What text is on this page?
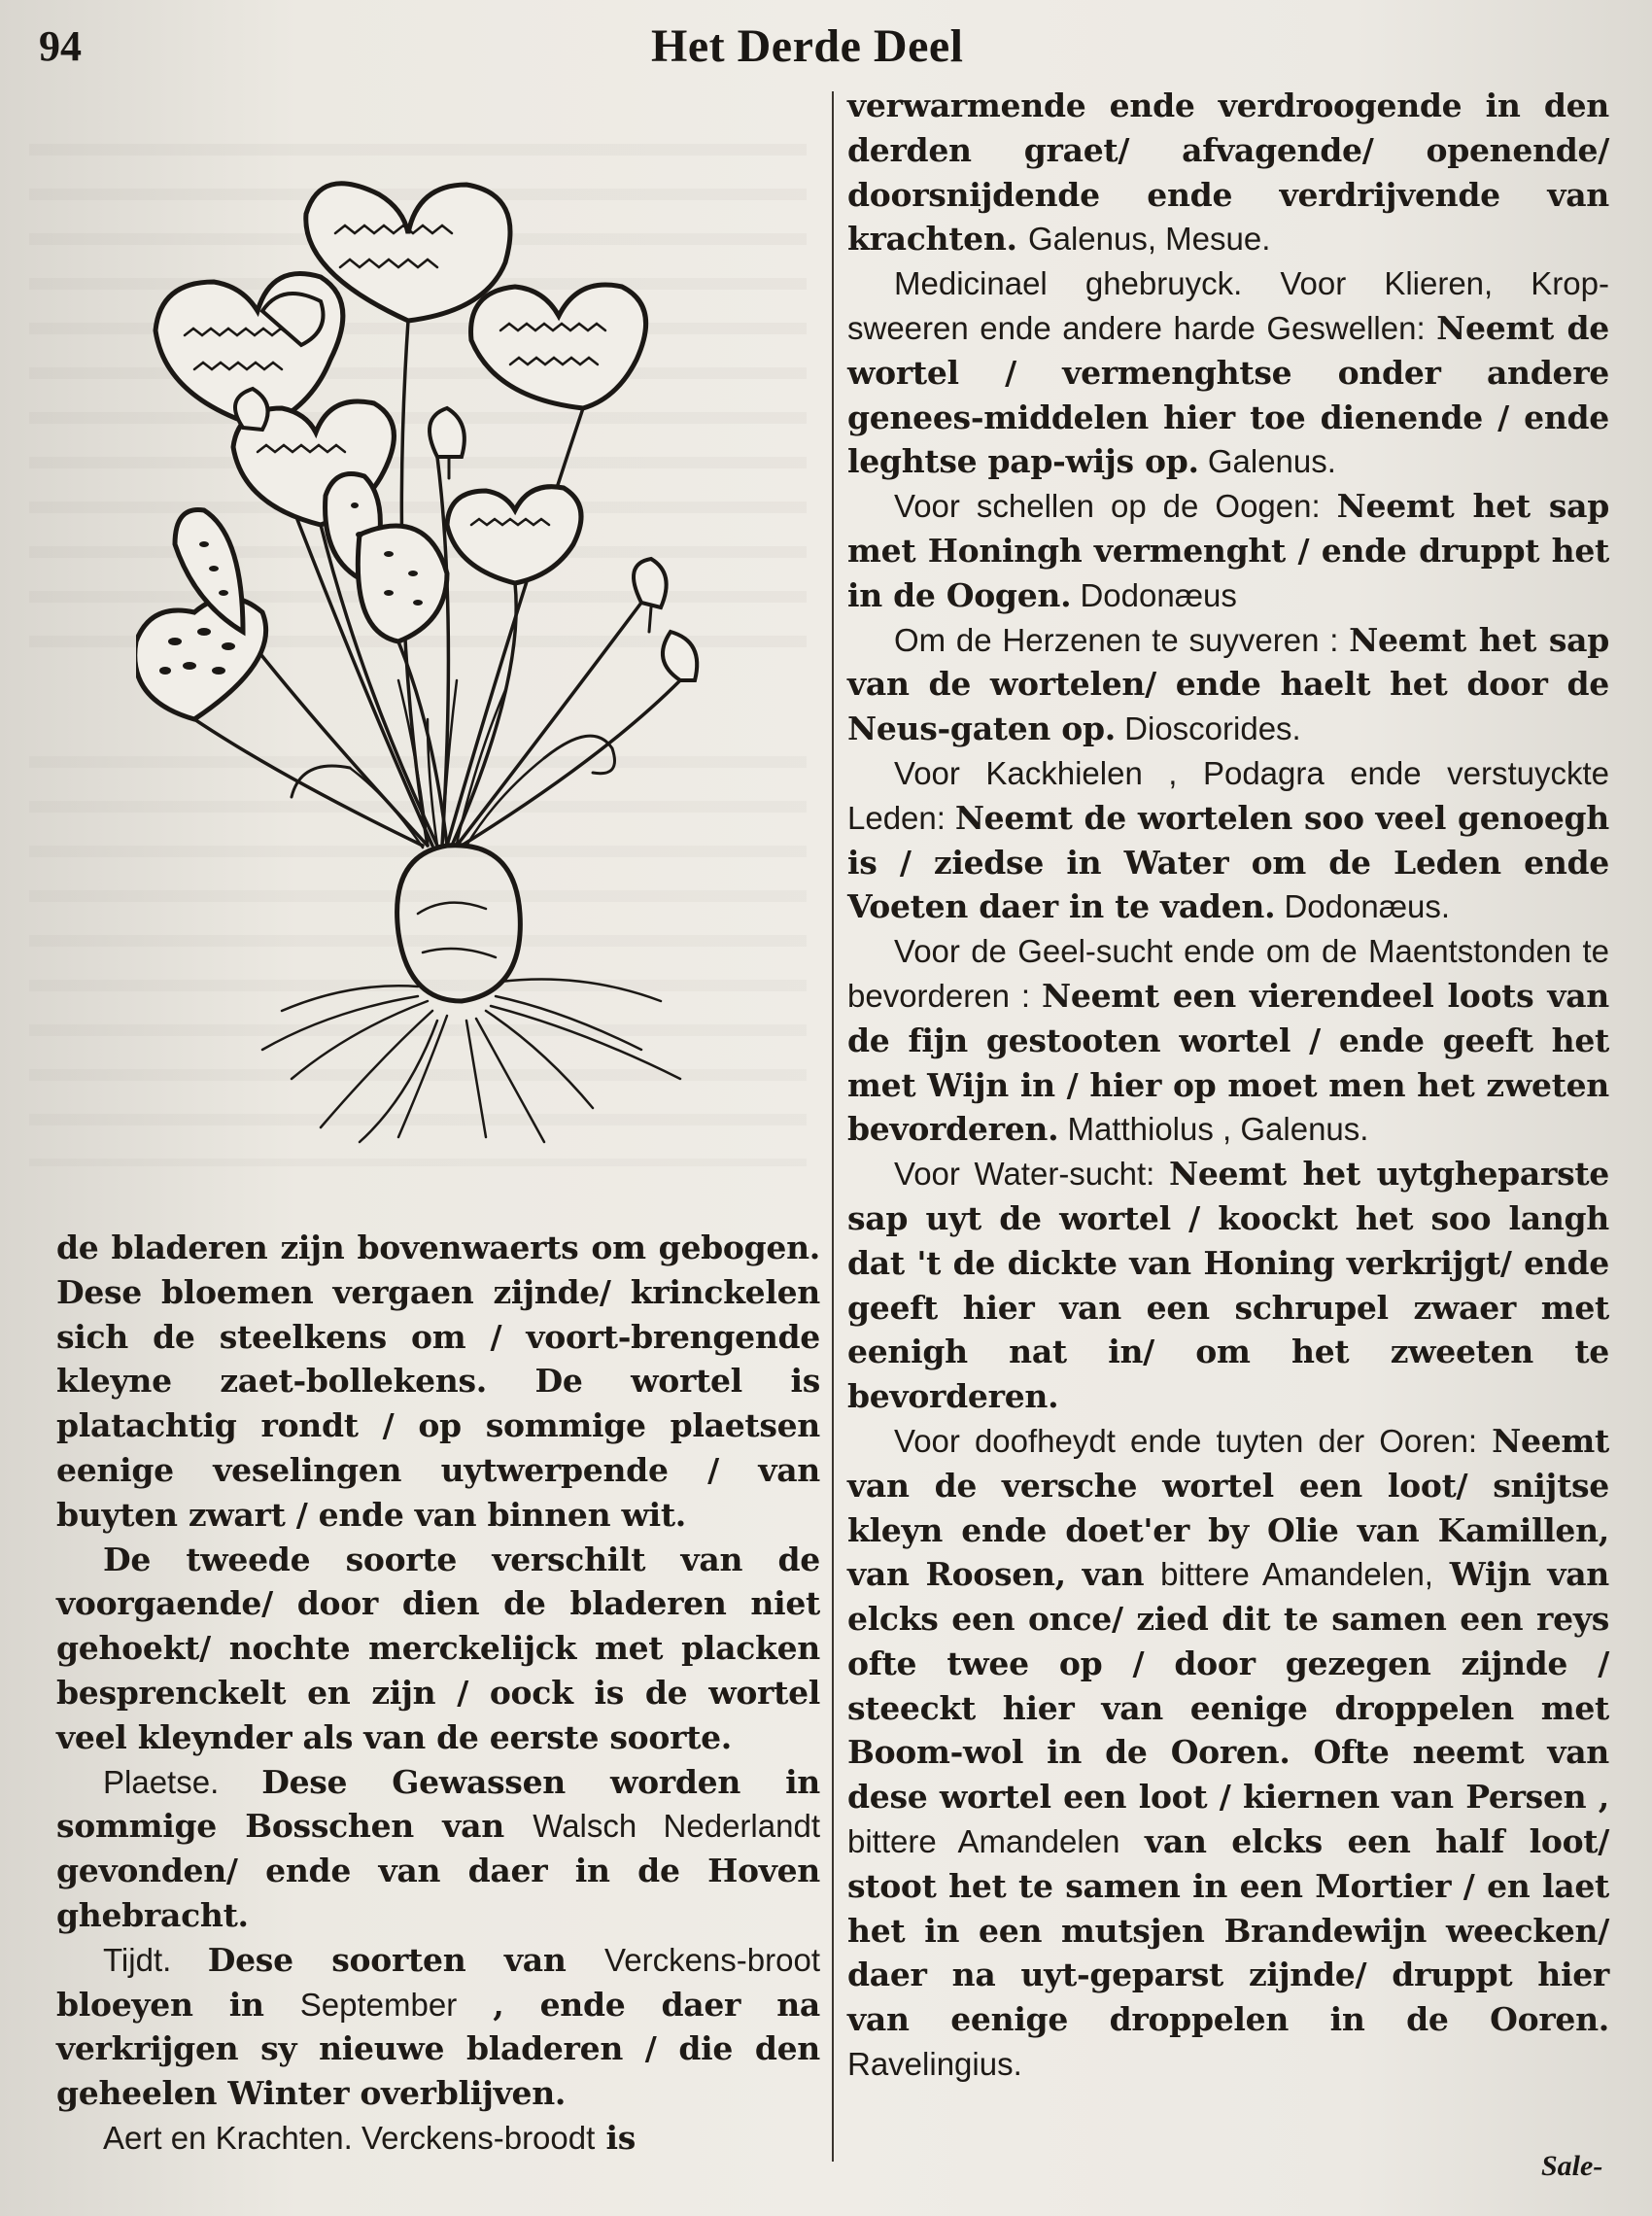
94	Het Derde Deel

de bladeren zijn bovenwaerts om gebogen. Dese bloemen vergaen zijnde/ krinckelen sich de steelkens om / voort-brengende kleyne zaet-bollekens. De wortel is platachtig rondt / op sommige plaetsen eenige veselingen uytwerpende / van buyten zwart / ende van binnen wit.

De tweede soorte verschilt van de voorgaende/ door dien de bladeren niet gehoekt/ nochte merckelijck met placken besprenckelt en zijn / oock is de wortel veel kleynder als van de eerste soorte.

Plaetse. Dese Gewassen worden in sommige Bosschen van Walsch Nederlandt gevonden/ ende van daer in de Hoven ghebracht.

Tijdt. Dese soorten van Verckens-broot bloeyen in September , ende daer na verkrijgen sy nieuwe bladeren / die den geheelen Winter overblijven.

Aert en Krachten. Verckens-broodt is

verwarmende ende verdroogende in den derden graet/ afvagende/ openende/ doorsnijdende ende verdrijvende van krachten. Galenus, Mesue.

Medicinael ghebruyck. Voor Klieren, Krop-sweeren ende andere harde Geswellen: Neemt de wortel / vermenghtse onder andere genees-middelen hier toe dienende / ende leghtse pap-wijs op. Galenus.

Voor schellen op de Oogen: Neemt het sap met Honingh vermenght / ende druppt het in de Oogen. Dodonæus

Om de Herzenen te suyveren : Neemt het sap van de wortelen/ ende haelt het door de Neus-gaten op. Dioscorides.

Voor Kackhielen , Podagra ende verstuyckte Leden: Neemt de wortelen soo veel genoegh is / ziedse in Water om de Leden ende Voeten daer in te vaden. Dodonæus.

Voor de Geel-sucht ende om de Maentstonden te bevorderen : Neemt een vierendeel loots van de fijn gestooten wortel / ende geeft het met Wijn in / hier op moet men het zweten bevorderen. Matthiolus , Galenus.

Voor Water-sucht: Neemt het uytgheparste sap uyt de wortel / koockt het soo langh dat 't de dickte van Honing verkrijgt/ ende geeft hier van een schrupel zwaer met eenigh nat in/ om het zweeten te bevorderen.

Voor doofheydt ende tuyten der Ooren: Neemt van de versche wortel een loot/ snijtse kleyn ende doet'er by Olie van Kamillen, van Roosen, van bittere Amandelen, Wijn van elcks een once/ zied dit te samen een reys ofte twee op / door gezegen zijnde / steeckt hier van eenige droppelen met Boom-wol in de Ooren. Ofte neemt van dese wortel een loot / kiernen van Persen , bittere Amandelen van elcks een half loot/ stoot het te samen in een Mortier / en laet het in een mutsjen Brandewijn weecken/ daer na uyt-geparst zijnde/ druppt hier van eenige droppelen in de Ooren. Ravelingius.

Sale-
